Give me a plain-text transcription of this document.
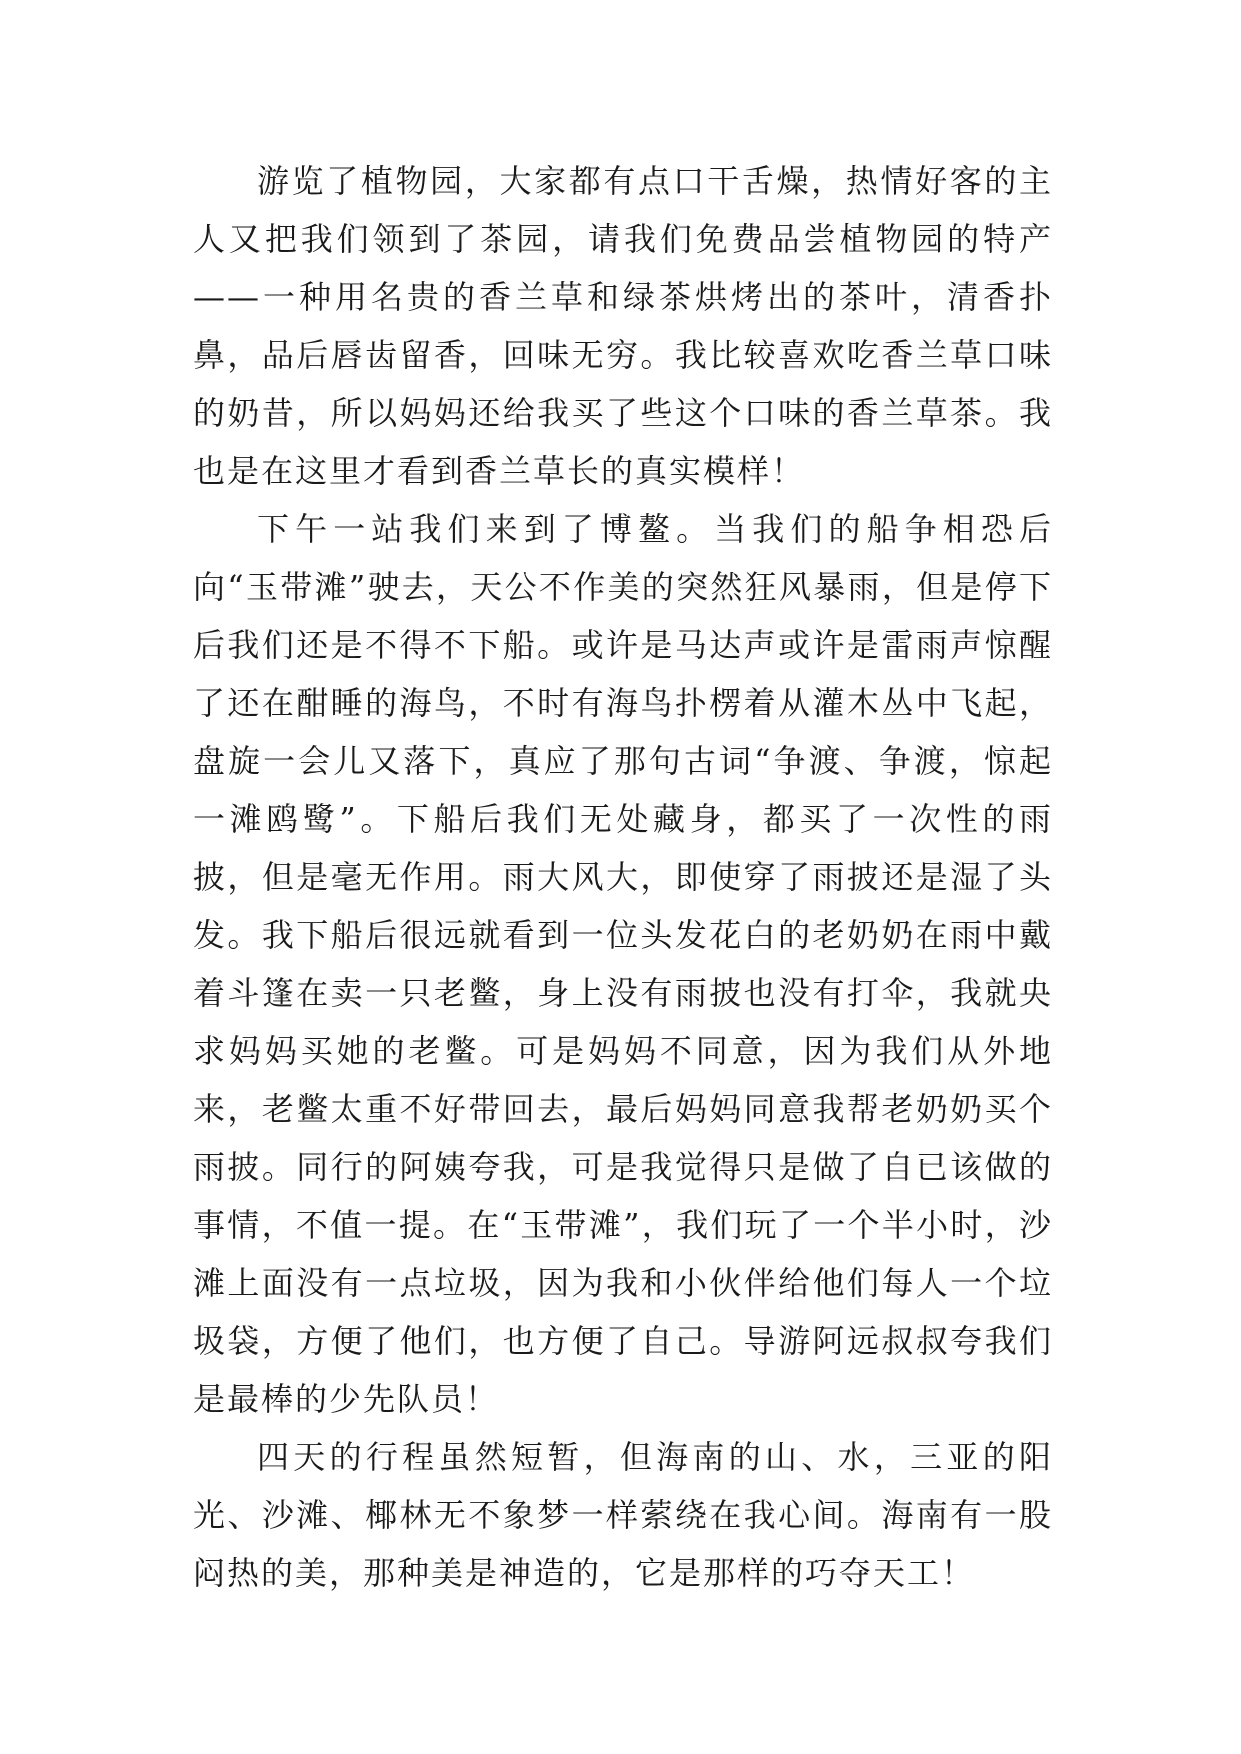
游览了植物园，大家都有点口干舌燥，热情好客的主人又把我们领到了茶园，请我们免费品尝植物园的特产——一种用名贵的香兰草和绿茶烘烤出的茶叶，清香扑鼻，品后唇齿留香，回味无穷。我比较喜欢吃香兰草口味的奶昔，所以妈妈还给我买了些这个口味的香兰草茶。我也是在这里才看到香兰草长的真实模样！

下午一站我们来到了博鳌。当我们的船争相恐后向“玉带滩”驶去，天公不作美的突然狂风暴雨，但是停下后我们还是不得不下船。或许是马达声或许是雷雨声惊醒了还在酣睡的海鸟，不时有海鸟扑楞着从灌木丛中飞起，盘旋一会儿又落下，真应了那句古词“争渡、争渡，惊起一滩鸥鹭”。下船后我们无处藏身，都买了一次性的雨披，但是毫无作用。雨大风大，即使穿了雨披还是湿了头发。我下船后很远就看到一位头发花白的老奶奶在雨中戴着斗篷在卖一只老鳖，身上没有雨披也没有打伞，我就央求妈妈买她的老鳖。可是妈妈不同意，因为我们从外地来，老鳖太重不好带回去，最后妈妈同意我帮老奶奶买个雨披。同行的阿姨夸我，可是我觉得只是做了自已该做的事情，不值一提。在“玉带滩”，我们玩了一个半小时，沙滩上面没有一点垃圾，因为我和小伙伴给他们每人一个垃圾袋，方便了他们，也方便了自己。导游阿远叔叔夸我们是最棒的少先队员！

四天的行程虽然短暂，但海南的山、水，三亚的阳光、沙滩、椰林无不象梦一样萦绕在我心间。海南有一股闷热的美，那种美是神造的，它是那样的巧夺天工！
